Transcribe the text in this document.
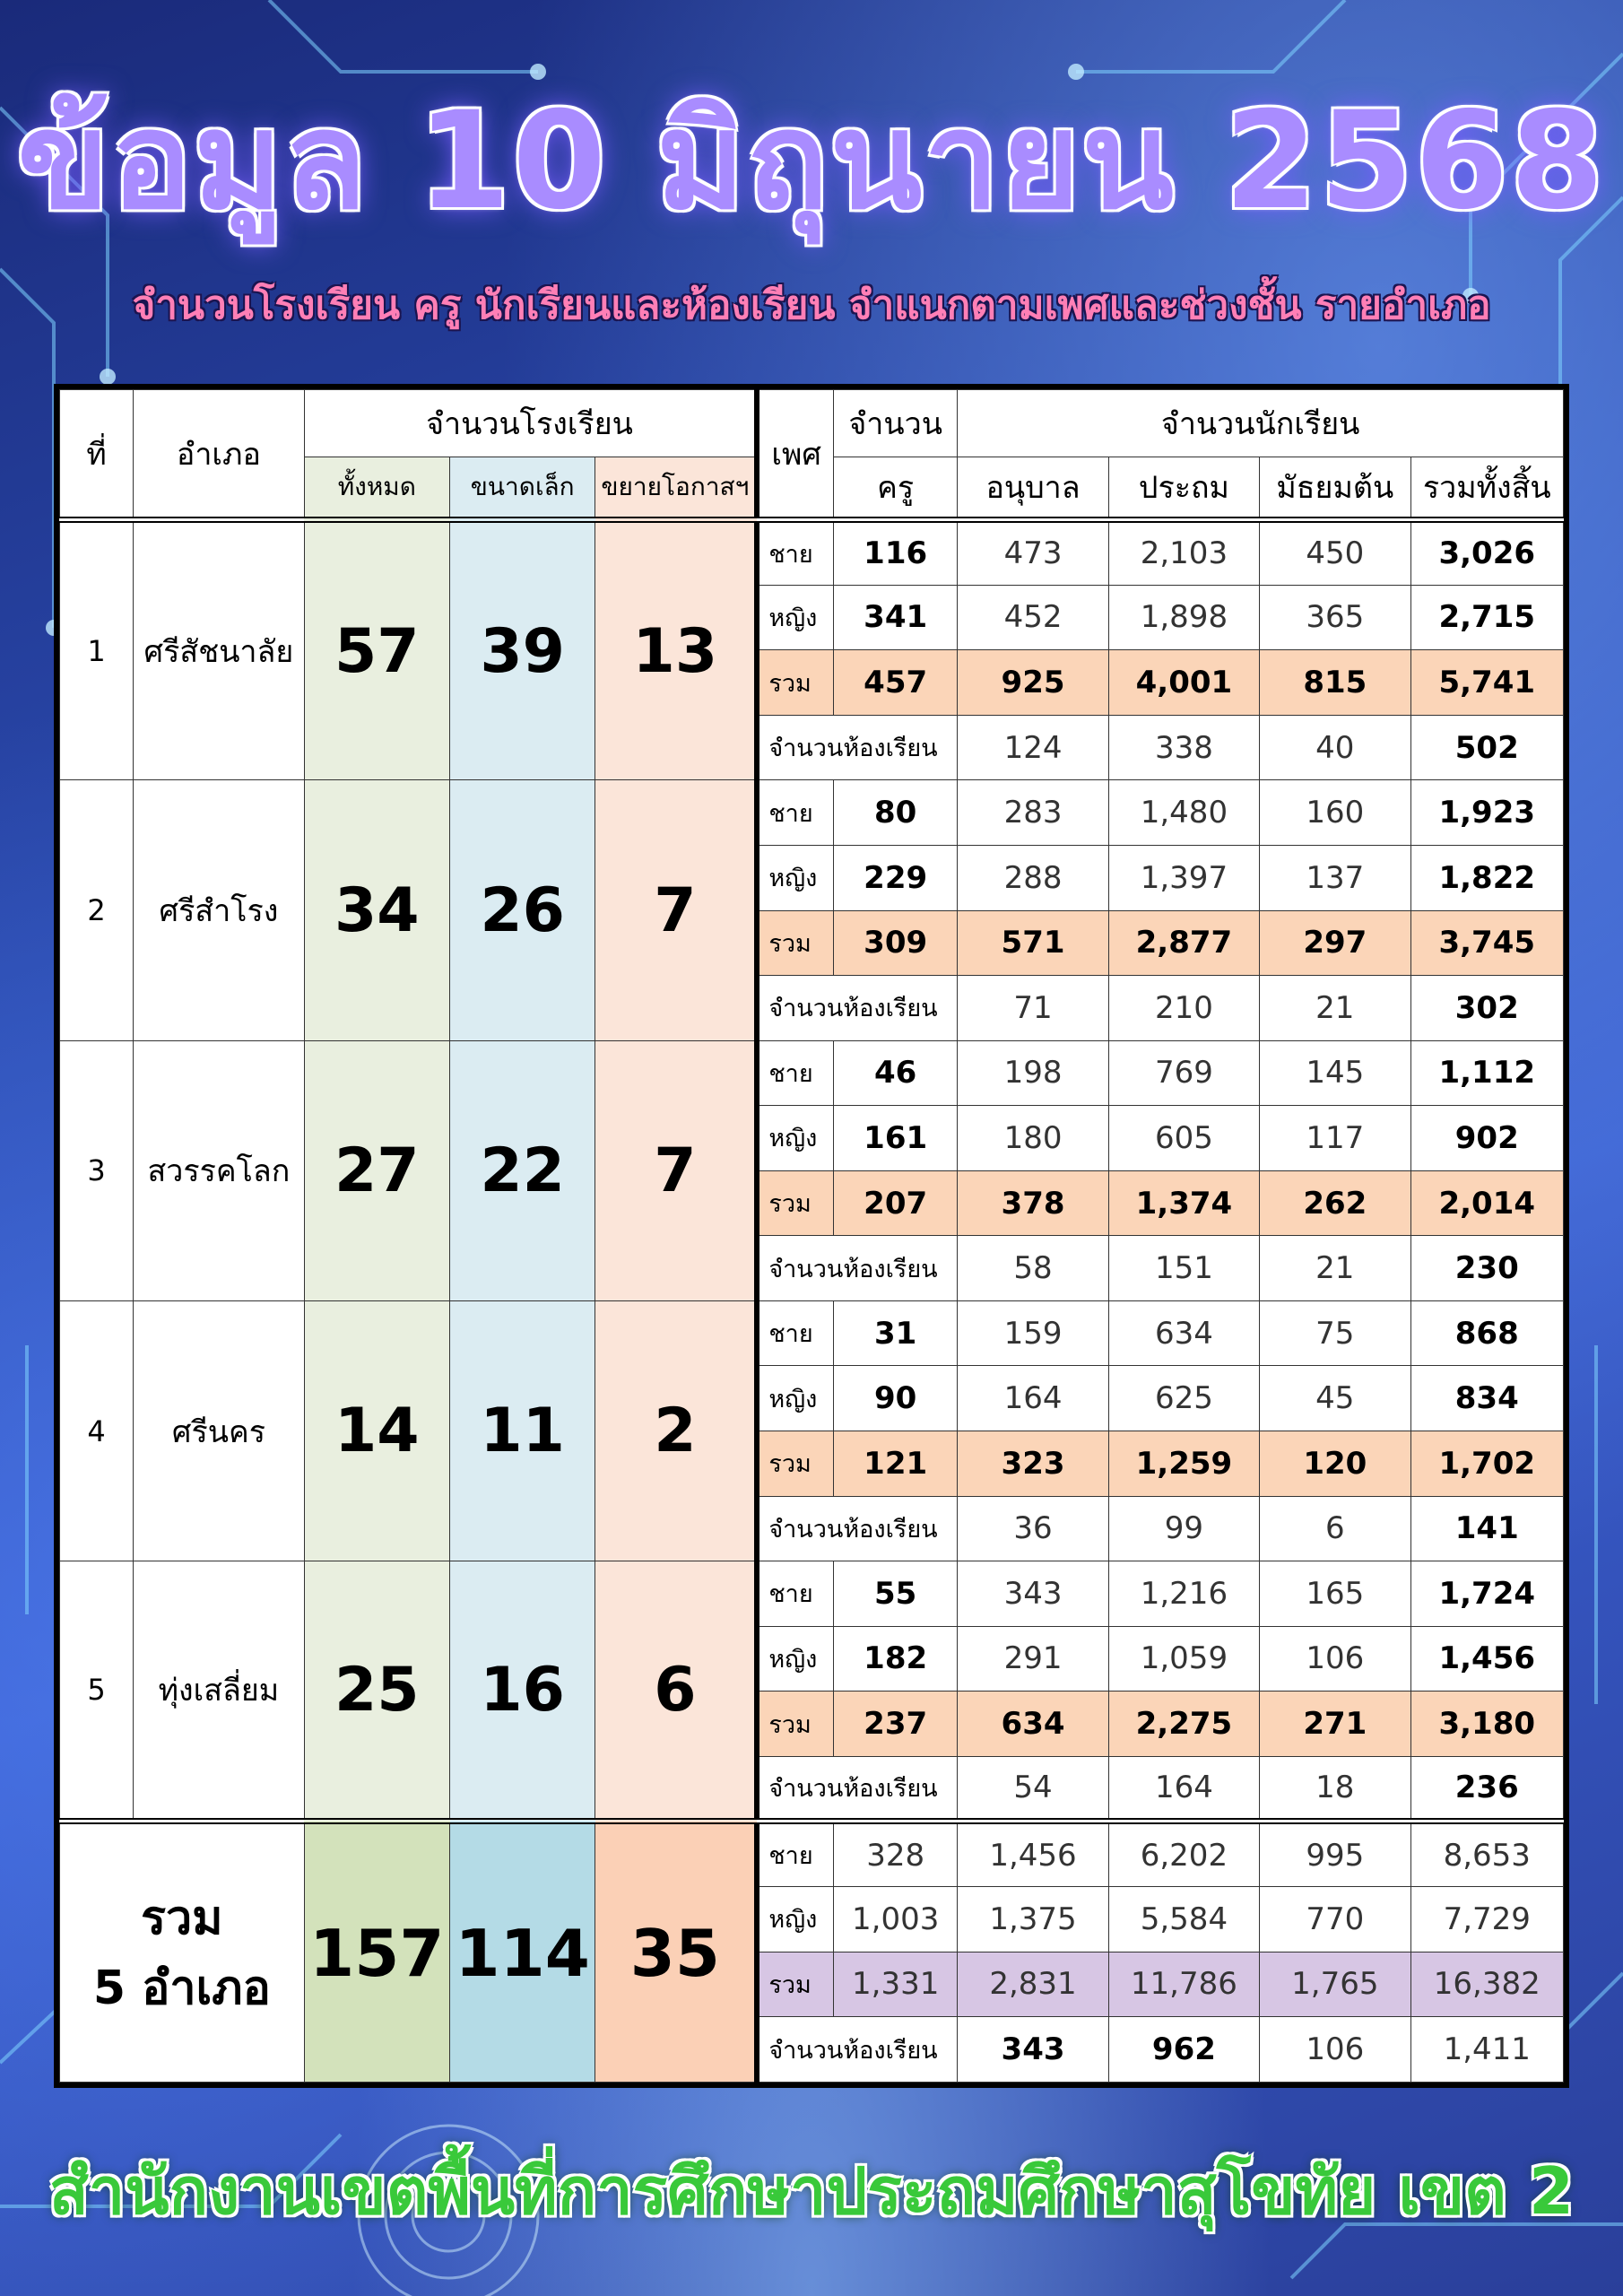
ข้อมูล 10 มิถุนายน 2568
จำนวนโรงเรียน ครู นักเรียนและห้องเรียน จำแนกตามเพศและช่วงชั้น รายอำเภอ
ที่	อำเภอ	จำนวนโรงเรียน			เพศ	จำนวน	จำนวนนักเรียน			
		ทั้งหมด	ขนาดเล็ก	ขยายโอกาสฯ		ครู	อนุบาล	ประถม	มัธยมต้น	รวมทั้งสิ้น
1	ศรีสัชนาลัย	57	39	13	ชาย	116	473	2,103	450	3,026
					หญิง	341	452	1,898	365	2,715
					รวม	457	925	4,001	815	5,741
					จำนวนห้องเรียน		124	338	40	502
2	ศรีสำโรง	34	26	7	ชาย	80	283	1,480	160	1,923
					หญิง	229	288	1,397	137	1,822
					รวม	309	571	2,877	297	3,745
					จำนวนห้องเรียน		71	210	21	302
3	สวรรคโลก	27	22	7	ชาย	46	198	769	145	1,112
					หญิง	161	180	605	117	902
					รวม	207	378	1,374	262	2,014
					จำนวนห้องเรียน		58	151	21	230
4	ศรีนคร	14	11	2	ชาย	31	159	634	75	868
					หญิง	90	164	625	45	834
					รวม	121	323	1,259	120	1,702
					จำนวนห้องเรียน		36	99	6	141
5	ทุ่งเสลี่ยม	25	16	6	ชาย	55	343	1,216	165	1,724
					หญิง	182	291	1,059	106	1,456
					รวม	237	634	2,275	271	3,180
					จำนวนห้องเรียน		54	164	18	236

รวม
5 อำเภอ		157	114	35	ชาย	328	1,456	6,202	995	8,653
					หญิง	1,003	1,375	5,584	770	7,729
					รวม	1,331	2,831	11,786	1,765	16,382
					จำนวนห้องเรียน		343	962	106	1,411
สำนักงานเขตพื้นที่การศึกษาประถมศึกษาสุโขทัย เขต 2
